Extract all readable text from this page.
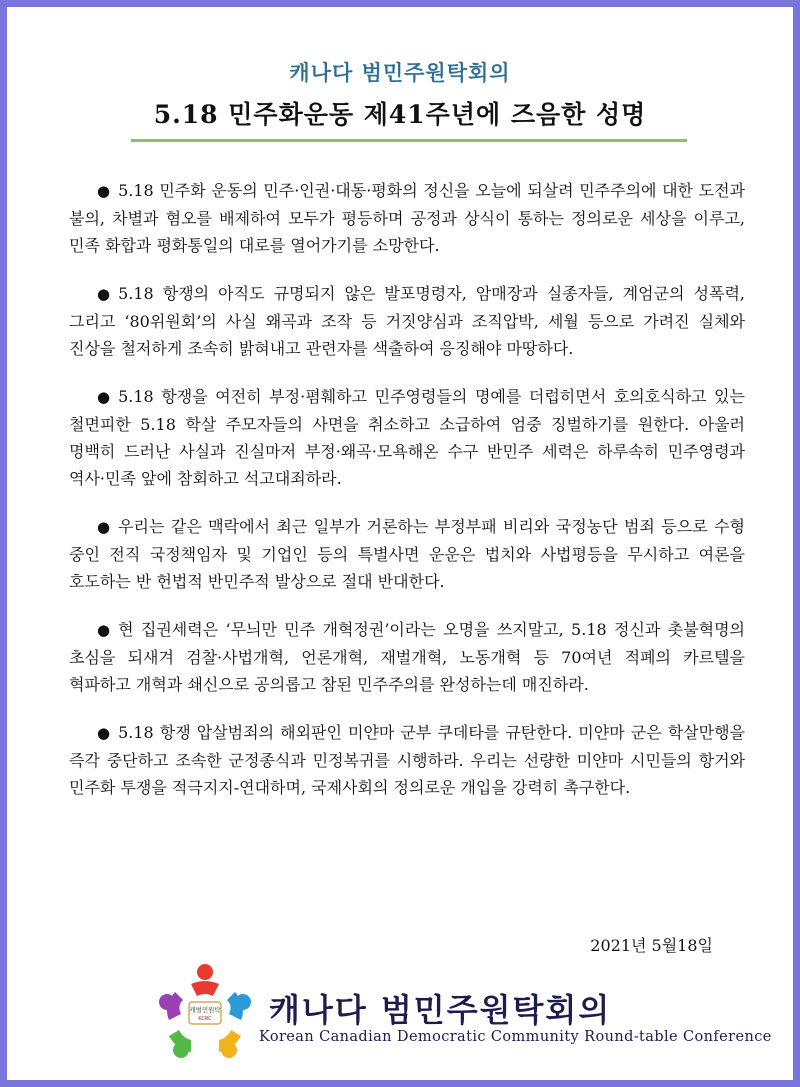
캐나다 범민주원탁회의
5.18 민주화운동 제41주년에 즈음한 성명

● 5.18 민주화 운동의 민주·인권·대동·평화의 정신을 오늘에 되살려 민주주의에 대한 도전과 불의, 차별과 혐오를 배제하여 모두가 평등하며 공정과 상식이 통하는 정의로운 세상을 이루고, 민족 화합과 평화통일의 대로를 열어가기를 소망한다.

● 5.18 항쟁의 아직도 규명되지 않은 발포명령자, 암매장과 실종자들, 계엄군의 성폭력, 그리고 ‘80위원회’의 사실 왜곡과 조작 등 거짓양심과 조직압박, 세월 등으로 가려진 실체와 진상을 철저하게 조속히 밝혀내고 관련자를 색출하여 응징해야 마땅하다.

● 5.18 항쟁을 여전히 부정·폄훼하고 민주영령들의 명예를 더럽히면서 호의호식하고 있는 철면피한 5.18 학살 주모자들의 사면을 취소하고 소급하여 엄중 징벌하기를 원한다. 아울러 명백히 드러난 사실과 진실마저 부정·왜곡·모욕해온 수구 반민주 세력은 하루속히 민주영령과 역사·민족 앞에 참회하고 석고대죄하라.

● 우리는 같은 맥락에서 최근 일부가 거론하는 부정부패 비리와 국정농단 범죄 등으로 수형 중인 전직 국정책임자 및 기업인 등의 특별사면 운운은 법치와 사법평등을 무시하고 여론을 호도하는 반 헌법적 반민주적 발상으로 절대 반대한다.

● 현 집권세력은 ‘무늬만 민주 개혁정권’이라는 오명을 쓰지말고, 5.18 정신과 촛불혁명의 초심을 되새겨 검찰·사법개혁, 언론개혁, 재벌개혁, 노동개혁 등 70여년 적폐의 카르텔을 혁파하고 개혁과 쇄신으로 공의롭고 참된 민주주의를 완성하는데 매진하라.

● 5.18 항쟁 압살범죄의 해외판인 미얀마 군부 쿠데타를 규탄한다. 미얀마 군은 학살만행을 즉각 중단하고 조속한 군정종식과 민정복귀를 시행하라. 우리는 선량한 미얀마 시민들의 항거와 민주화 투쟁을 적극지지-연대하며, 국제사회의 정의로운 개입을 강력히 촉구한다.

2021년 5월18일
캐범민원탁
KCRC 캐나다 범민주원탁회의
Korean Canadian Democratic Community Round-table Conference
